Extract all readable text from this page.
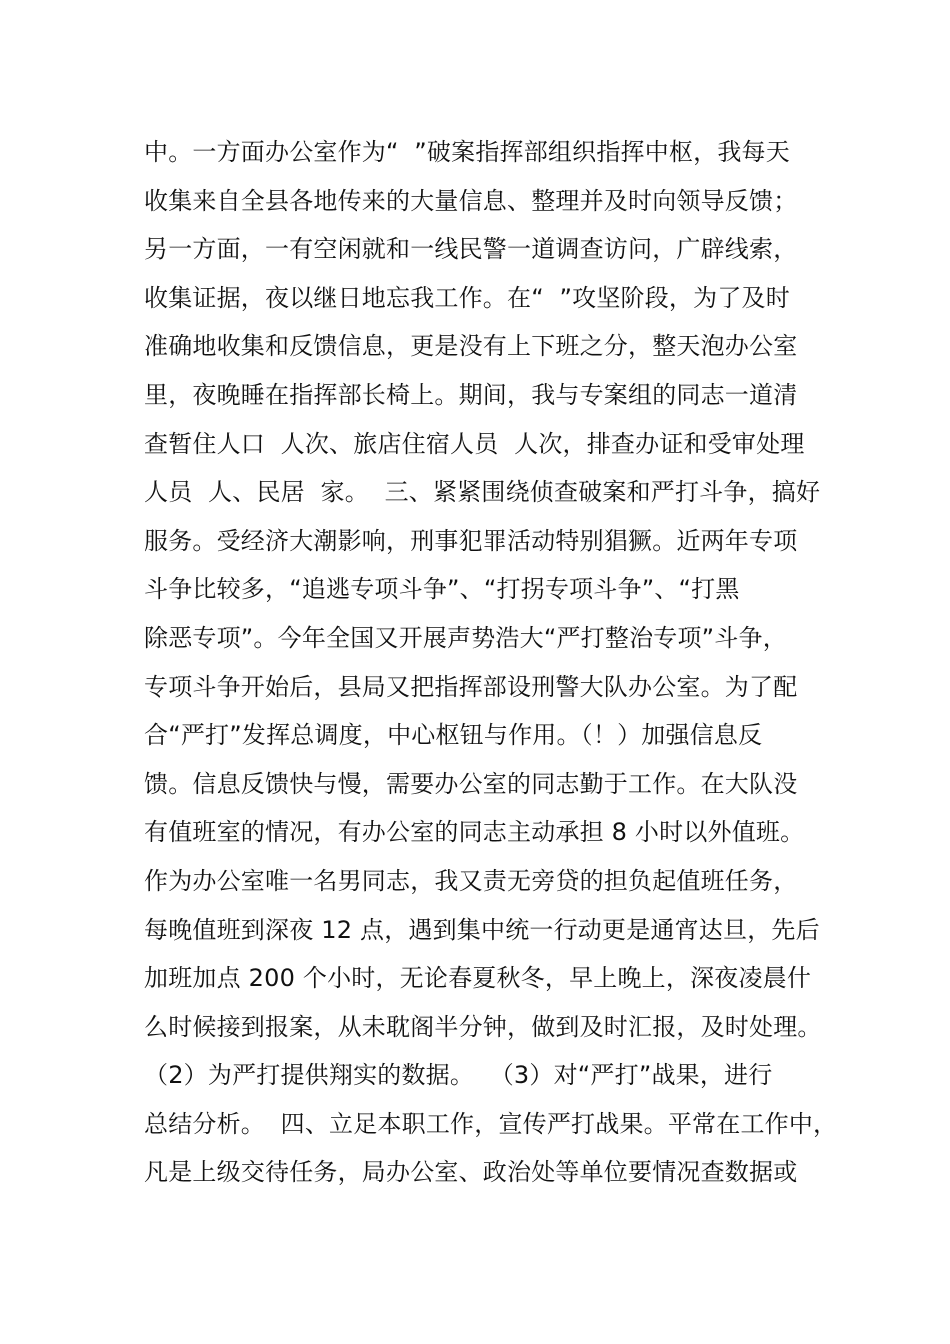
中。一方面办公室作为“  ”破案指挥部组织指挥中枢，我每天
收集来自全县各地传来的大量信息、整理并及时向领导反馈；
另一方面，一有空闲就和一线民警一道调查访问，广辟线索，
收集证据，夜以继日地忘我工作。在“  ”攻坚阶段，为了及时
准确地收集和反馈信息，更是没有上下班之分，整天泡办公室
里，夜晚睡在指挥部长椅上。期间，我与专案组的同志一道清
查暂住人口  人次、旅店住宿人员  人次，排查办证和受审处理
人员  人、民居  家。  三、紧紧围绕侦查破案和严打斗争，搞好
服务。受经济大潮影响，刑事犯罪活动特别猖獗。近两年专项
斗争比较多，“追逃专项斗争”、“打拐专项斗争”、“打黑
除恶专项”。今年全国又开展声势浩大“严打整治专项”斗争，
专项斗争开始后，县局又把指挥部设刑警大队办公室。为了配
合“严打”发挥总调度，中心枢钮与作用。（！）加强信息反
馈。信息反馈快与慢，需要办公室的同志勤于工作。在大队没
有值班室的情况，有办公室的同志主动承担 8 小时以外值班。
作为办公室唯一名男同志，我又责无旁贷的担负起值班任务，
每晚值班到深夜 12 点，遇到集中统一行动更是通宵达旦，先后
加班加点 200 个小时，无论春夏秋冬，早上晚上，深夜凌晨什
么时候接到报案，从未耽阁半分钟，做到及时汇报，及时处理。
（2）为严打提供翔实的数据。  （3）对“严打”战果，进行
总结分析。  四、立足本职工作，宣传严打战果。平常在工作中，
凡是上级交待任务，局办公室、政治处等单位要情况查数据或
